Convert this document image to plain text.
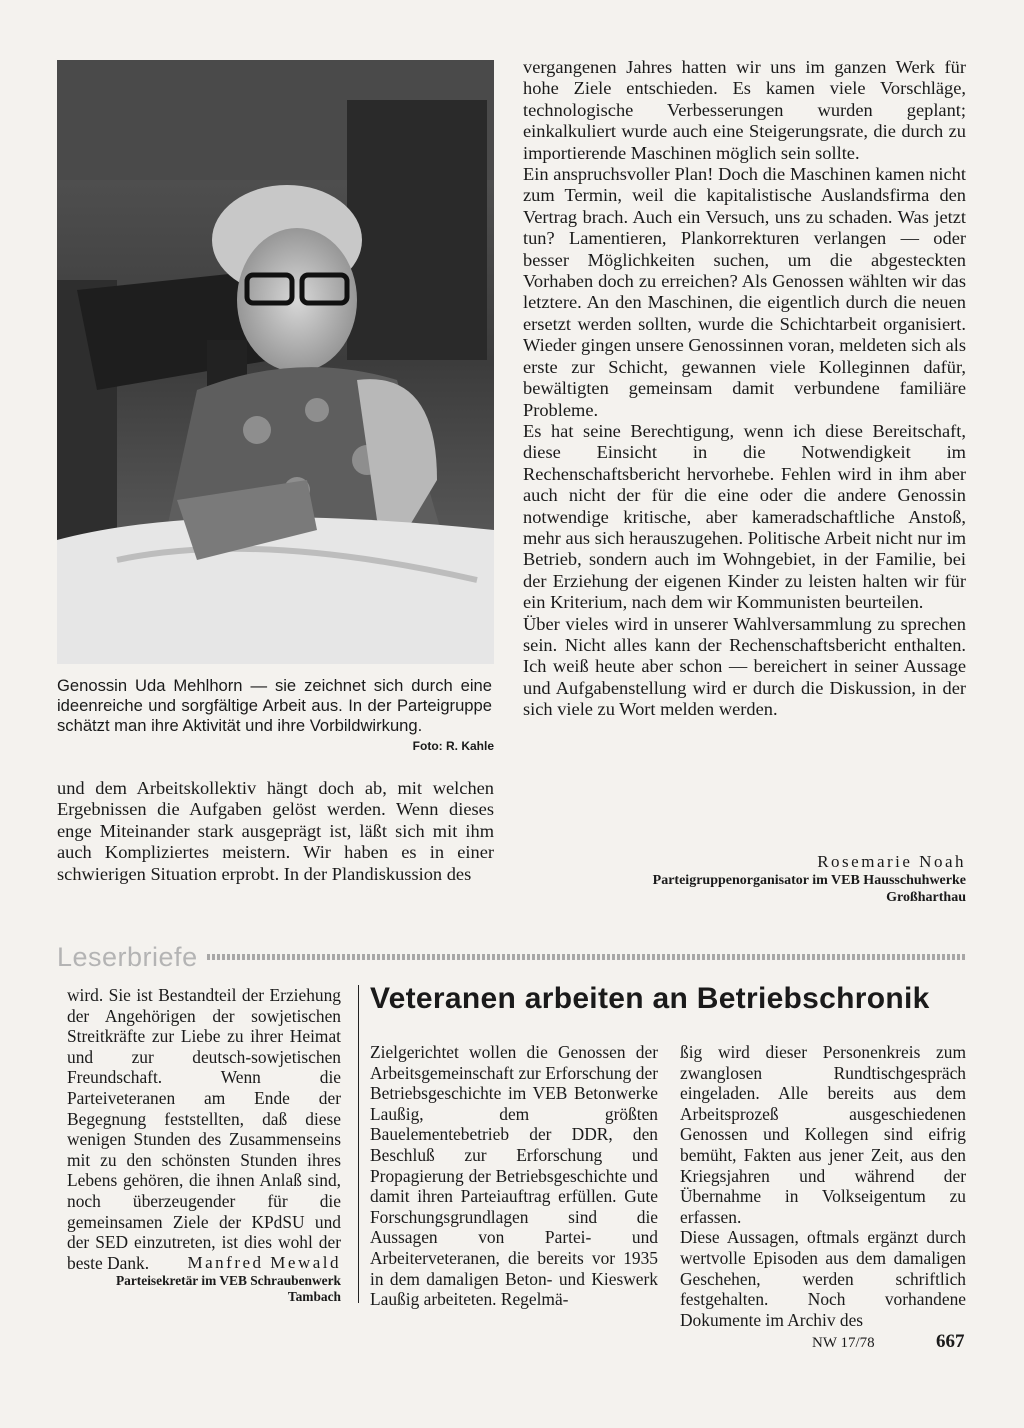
Genossin Uda Mehlhorn — sie zeichnet sich durch eine ideenreiche und sorgfältige Arbeit aus. In der Parteigruppe schätzt man ihre Aktivität und ihre Vorbildwirkung.

Foto: R. Kahle

und dem Arbeitskollektiv hängt doch ab, mit welchen Ergebnissen die Aufgaben gelöst werden. Wenn dieses enge Miteinander stark ausgeprägt ist, läßt sich mit ihm auch Kompliziertes meistern. Wir haben es in einer schwierigen Situation erprobt. In der Plandiskussion des

vergangenen Jahres hatten wir uns im ganzen Werk für hohe Ziele entschieden. Es kamen viele Vorschläge, technologische Verbesserungen wurden geplant; einkalkuliert wurde auch eine Steigerungsrate, die durch zu importierende Maschinen möglich sein sollte.

Ein anspruchsvoller Plan! Doch die Maschinen kamen nicht zum Termin, weil die kapitalistische Auslandsfirma den Vertrag brach. Auch ein Versuch, uns zu schaden. Was jetzt tun? Lamentieren, Plankorrekturen verlangen — oder besser Möglichkeiten suchen, um die abgesteckten Vorhaben doch zu erreichen? Als Genossen wählten wir das letztere. An den Maschinen, die eigentlich durch die neuen ersetzt werden sollten, wurde die Schichtarbeit organisiert. Wieder gingen unsere Genossinnen voran, meldeten sich als erste zur Schicht, gewannen viele Kolleginnen dafür, bewältigten gemeinsam damit verbundene familiäre Probleme.

Es hat seine Berechtigung, wenn ich diese Bereitschaft, diese Einsicht in die Notwendigkeit im Rechenschaftsbericht hervorhebe. Fehlen wird in ihm aber auch nicht der für die eine oder die andere Genossin notwendige kritische, aber kameradschaftliche Anstoß, mehr aus sich herauszugehen. Politische Arbeit nicht nur im Betrieb, sondern auch im Wohngebiet, in der Familie, bei der Erziehung der eigenen Kinder zu leisten halten wir für ein Kriterium, nach dem wir Kommunisten beurteilen.

Über vieles wird in unserer Wahlversammlung zu sprechen sein. Nicht alles kann der Rechenschaftsbericht enthalten. Ich weiß heute aber schon — bereichert in seiner Aussage und Aufgabenstellung wird er durch die Diskussion, in der sich viele zu Wort melden werden.

Rosemarie Noah
Parteigruppenorganisator im VEB Hausschuhwerke
Großharthau
Leserbriefe

wird. Sie ist Bestandteil der Erziehung der Angehörigen der sowjetischen Streitkräfte zur Liebe zu ihrer Heimat und zur deutsch-sowjetischen Freundschaft. Wenn die Parteiveteranen am Ende der Begegnung feststellten, daß diese wenigen Stunden des Zusammenseins mit zu den schönsten Stunden ihres Lebens gehören, die ihnen Anlaß sind, noch überzeugender für die gemeinsamen Ziele der KPdSU und der SED einzutreten, ist dies wohl der beste Dank.	Manfred Mewald
Parteisekretär im VEB Schraubenwerk
Tambach
Veteranen arbeiten an Betriebschronik

Zielgerichtet wollen die Genossen der Arbeitsgemeinschaft zur Erforschung der Betriebsgeschichte im VEB Betonwerke Laußig, dem größten Bauelementebetrieb der DDR, den Beschluß zur Erforschung und Propagierung der Betriebsgeschichte und damit ihren Parteiauftrag erfüllen. Gute Forschungsgrundlagen sind die Aussagen von Partei- und Arbeiterveteranen, die bereits vor 1935 in dem damaligen Beton- und Kieswerk Laußig arbeiteten. Regelmä-

ßig wird dieser Personenkreis zum zwanglosen Rundtischgespräch eingeladen. Alle bereits aus dem Arbeitsprozeß ausgeschiedenen Genossen und Kollegen sind eifrig bemüht, Fakten aus jener Zeit, aus den Kriegsjahren und während der Übernahme in Volkseigentum zu erfassen.

Diese Aussagen, oftmals ergänzt durch wertvolle Episoden aus dem damaligen Geschehen, werden schriftlich festgehalten. Noch vorhandene Dokumente im Archiv des

NW 17/78	667
